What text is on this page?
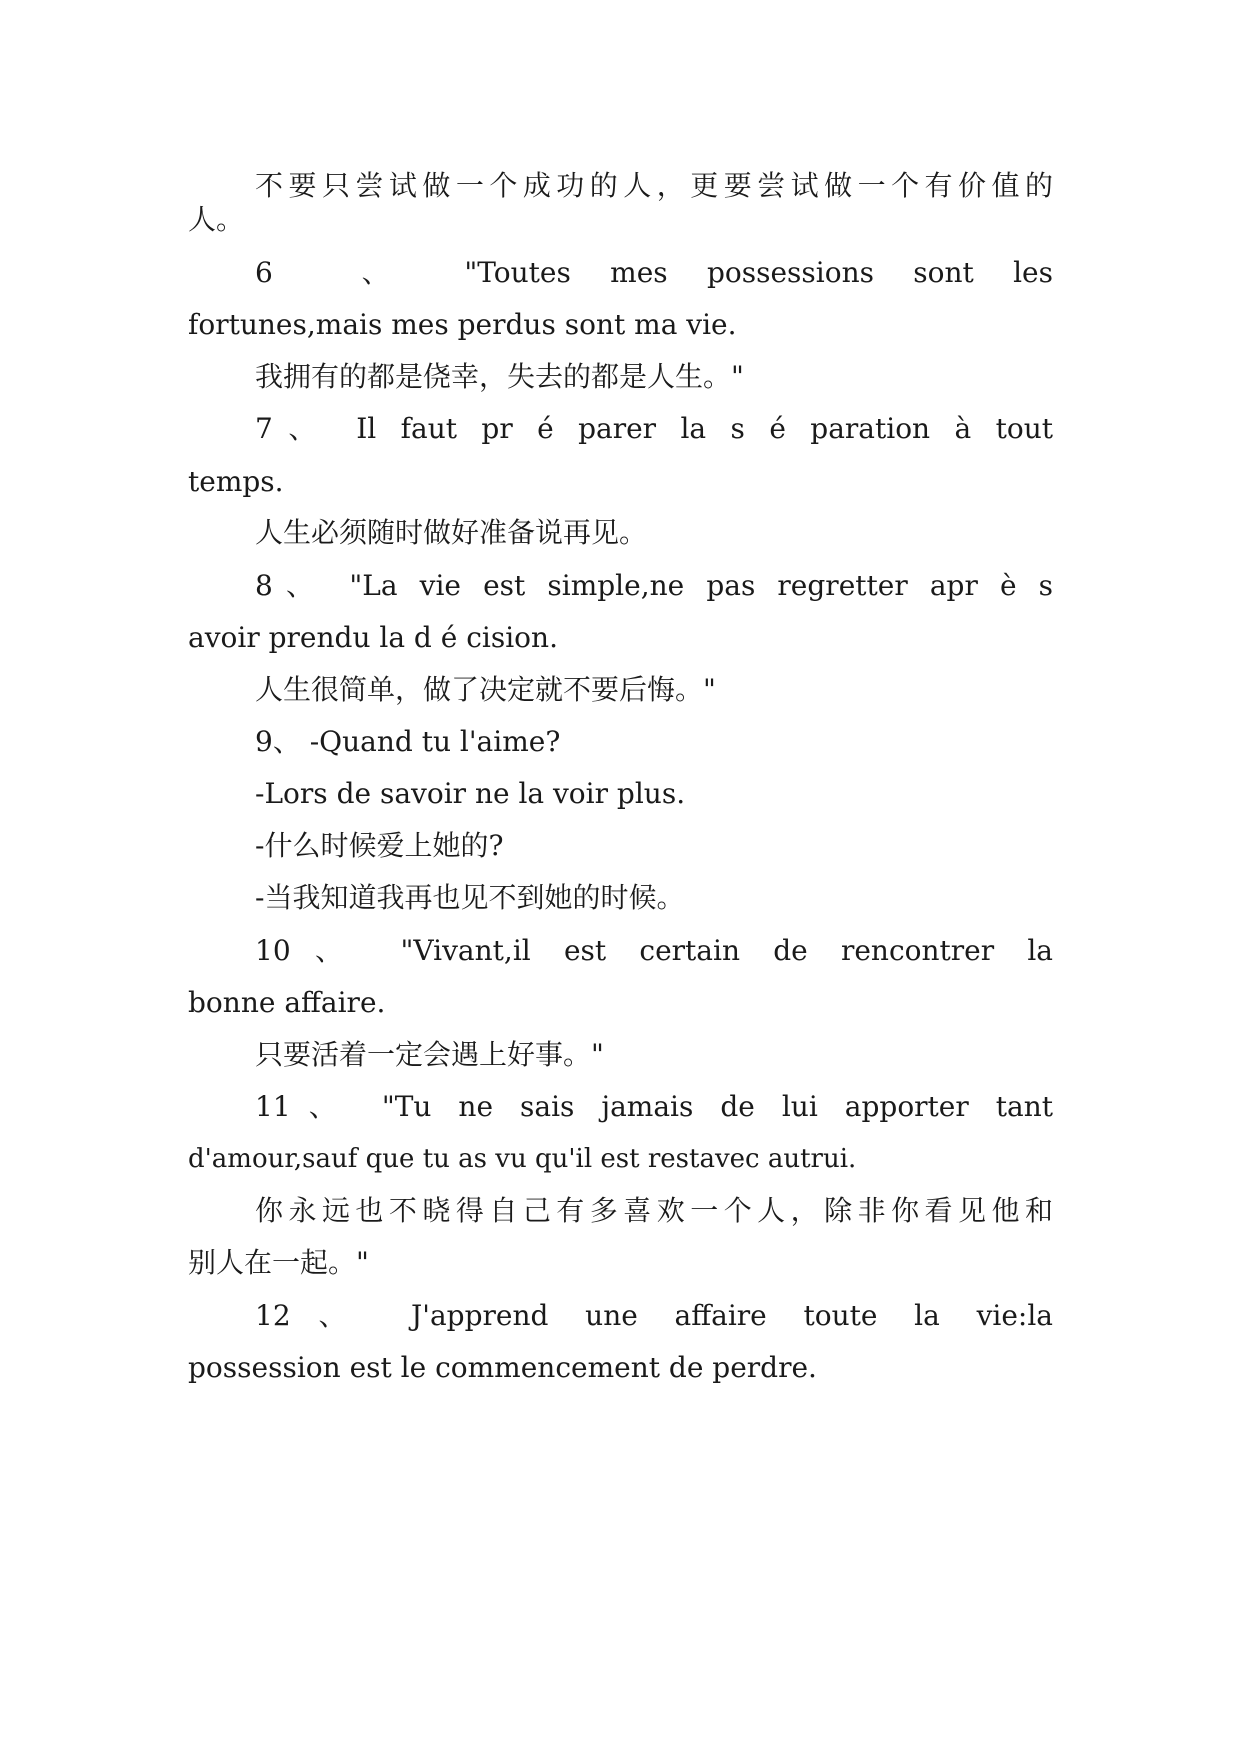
不要只尝试做一个成功的人，更要尝试做一个有价值的
人。
6　、　"Toutes mes possessions sont les
fortunes,mais mes perdus sont ma vie.
我拥有的都是侥幸，失去的都是人生。"
7、 Il faut pr é parer la s é paration à tout
temps.
人生必须随时做好准备说再见。
8、 "La vie est simple,ne pas regretter apr è s
avoir prendu la d é cision.
人生很简单，做了决定就不要后悔。"
9、 -Quand tu l'aime?
-Lors de savoir ne la voir plus.
-什么时候爱上她的?
-当我知道我再也见不到她的时候。
10、 "Vivant,il est certain de rencontrer la
bonne affaire.
只要活着一定会遇上好事。"
11、 "Tu ne sais jamais de lui apporter tant
d'amour,sauf que tu as vu qu'il est restavec autrui.
你永远也不晓得自己有多喜欢一个人，除非你看见他和
别人在一起。"
12、 J'apprend une affaire toute la vie:la
possession est le commencement de perdre.
